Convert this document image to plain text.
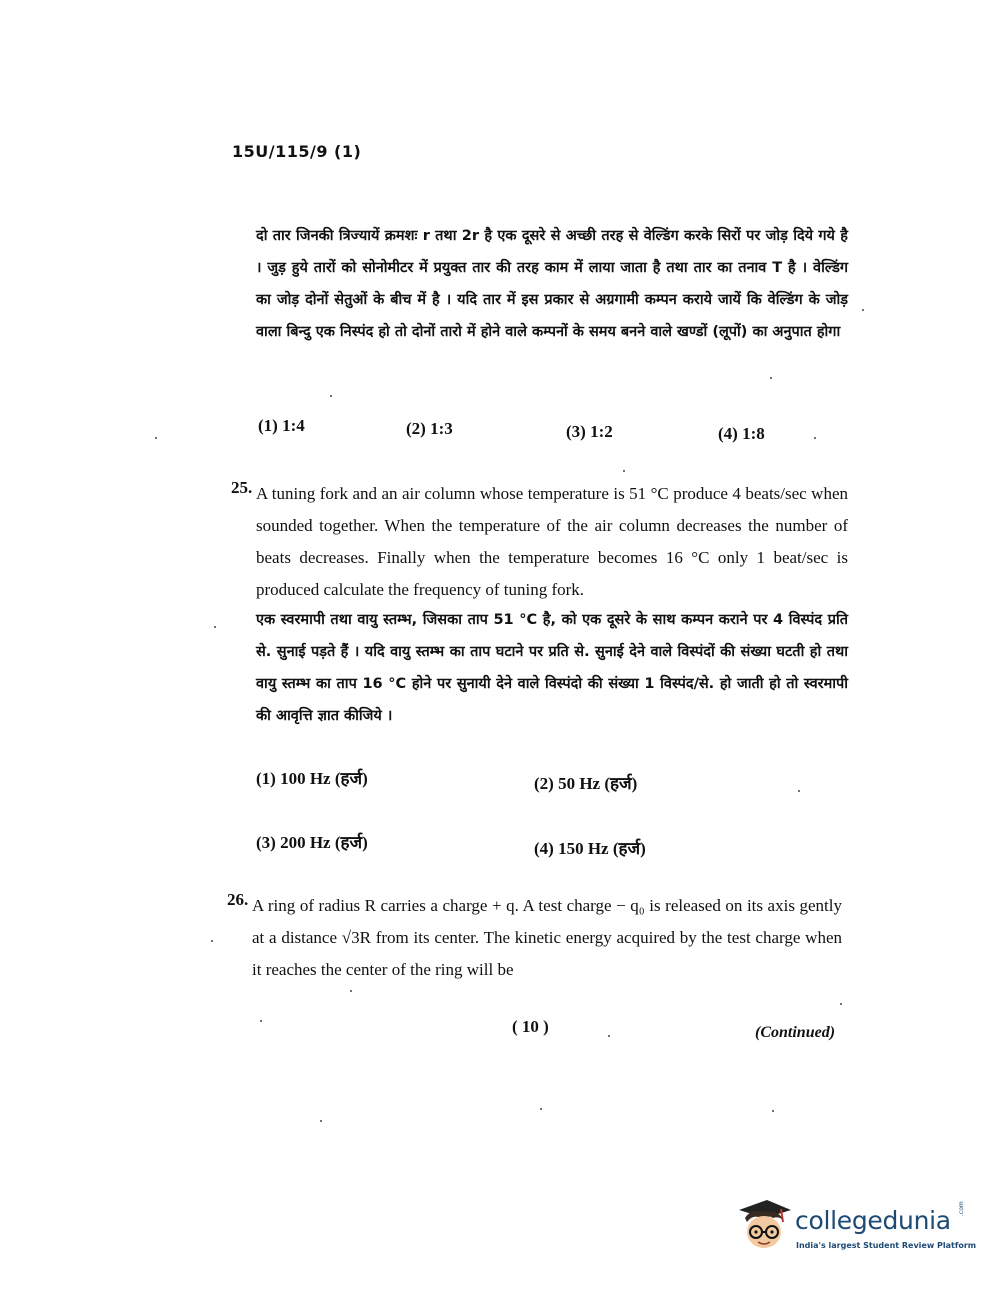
15U/115/9 (1)
दो तार जिनकी त्रिज्यायें क्रमशः r तथा 2r है एक दूसरे से अच्छी तरह से वेल्डिंग करके सिरों पर जोड़ दिये गये है । जुड़ हुये तारों को सोनोमीटर में प्रयुक्त तार की तरह काम में लाया जाता है तथा तार का तनाव T है । वेल्डिंग का जोड़ दोनों सेतुओं के बीच में है । यदि तार में इस प्रकार से अग्रगामी कम्पन कराये जायें कि वेल्डिंग के जोड़ वाला बिन्दु एक निस्पंद हो तो दोनों तारो में होने वाले कम्पनों के समय बनने वाले खण्डों (लूपों) का अनुपात होगा
(1) 1:4	(2) 1:3	(3) 1:2	(4) 1:8
25. A tuning fork and an air column whose temperature is 51 °C produce 4 beats/sec when sounded together. When the temperature of the air column decreases the number of beats decreases. Finally when the temperature becomes 16 °C only 1 beat/sec is produced calculate the frequency of tuning fork.
एक स्वरमापी तथा वायु स्तम्भ, जिसका ताप 51 °C है, को एक दूसरे के साथ कम्पन कराने पर 4 विस्पंद प्रति से. सुनाई पड़ते हैं । यदि वायु स्तम्भ का ताप घटाने पर प्रति से. सुनाई देने वाले विस्पंदों की संख्या घटती हो तथा वायु स्तम्भ का ताप 16 °C होने पर सुनायी देने वाले विस्पंदो की संख्या 1 विस्पंद/से. हो जाती हो तो स्वरमापी की आवृत्ति ज्ञात कीजिये ।
(1) 100 Hz (हर्ज)	(2) 50 Hz (हर्ज)
(3) 200 Hz (हर्ज)	(4) 150 Hz (हर्ज)
26. A ring of radius R carries a charge + q. A test charge − q₀ is released on its axis gently at a distance √3R from its center. The kinetic energy acquired by the test charge when it reaches the center of the ring will be
( 10 )	(Continued)
collegedunia .com
India's largest Student Review Platform
